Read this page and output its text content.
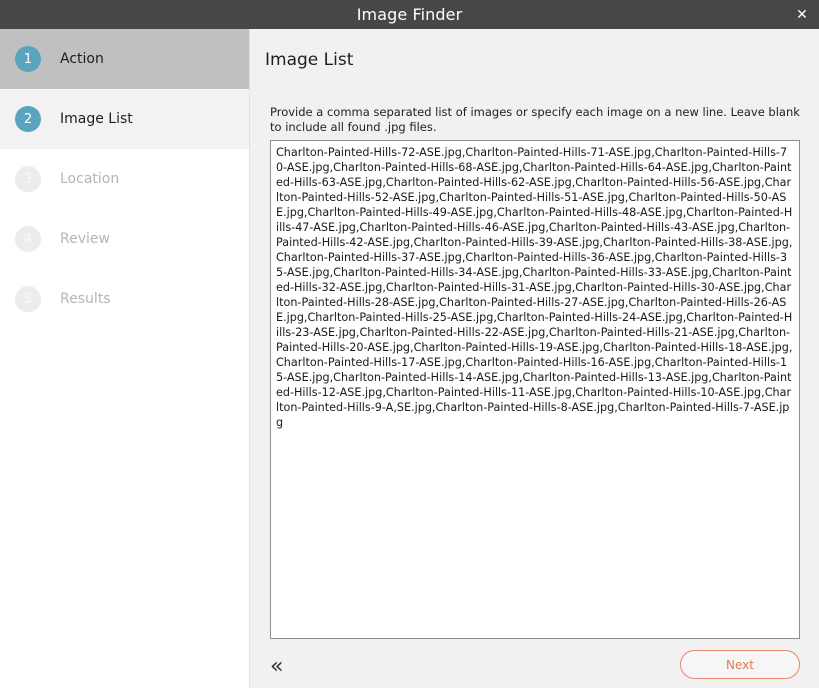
Image Finder	✕
1	Action
2	Image List
3	Location
4	Review
5	Results
Image List
Provide a comma separated list of images or specify each image on a new line. Leave blank to include all found .jpg files.
Charlton-Painted-Hills-72-ASE.jpg,Charlton-Painted-Hills-71-ASE.jpg,Charlton-Painted-Hills-70-ASE.jpg,Charlton-Painted-Hills-68-ASE.jpg,Charlton-Painted-Hills-64-ASE.jpg,Charlton-Painted-Hills-63-ASE.jpg,Charlton-Painted-Hills-62-ASE.jpg,Charlton-Painted-Hills-56-ASE.jpg,Charlton-Painted-Hills-52-ASE.jpg,Charlton-Painted-Hills-51-ASE.jpg,Charlton-Painted-Hills-50-ASE.jpg,Charlton-Painted-Hills-49-ASE.jpg,Charlton-Painted-Hills-48-ASE.jpg,Charlton-Painted-Hills-47-ASE.jpg,Charlton-Painted-Hills-46-ASE.jpg,Charlton-Painted-Hills-43-ASE.jpg,Charlton-Painted-Hills-42-ASE.jpg,Charlton-Painted-Hills-39-ASE.jpg,Charlton-Painted-Hills-38-ASE.jpg,Charlton-Painted-Hills-37-ASE.jpg,Charlton-Painted-Hills-36-ASE.jpg,Charlton-Painted-Hills-35-ASE.jpg,Charlton-Painted-Hills-34-ASE.jpg,Charlton-Painted-Hills-33-ASE.jpg,Charlton-Painted-Hills-32-ASE.jpg,Charlton-Painted-Hills-31-ASE.jpg,Charlton-Painted-Hills-30-ASE.jpg,Charlton-Painted-Hills-28-ASE.jpg,Charlton-Painted-Hills-27-ASE.jpg,Charlton-Painted-Hills-26-ASE.jpg,Charlton-Painted-Hills-25-ASE.jpg,Charlton-Painted-Hills-24-ASE.jpg,Charlton-Painted-Hills-23-ASE.jpg,Charlton-Painted-Hills-22-ASE.jpg,Charlton-Painted-Hills-21-ASE.jpg,Charlton-Painted-Hills-20-ASE.jpg,Charlton-Painted-Hills-19-ASE.jpg,Charlton-Painted-Hills-18-ASE.jpg,Charlton-Painted-Hills-17-ASE.jpg,Charlton-Painted-Hills-16-ASE.jpg,Charlton-Painted-Hills-15-ASE.jpg,Charlton-Painted-Hills-14-ASE.jpg,Charlton-Painted-Hills-13-ASE.jpg,Charlton-Painted-Hills-12-ASE.jpg,Charlton-Painted-Hills-11-ASE.jpg,Charlton-Painted-Hills-10-ASE.jpg,Charlton-Painted-Hills-9-A,SE.jpg,Charlton-Painted-Hills-8-ASE.jpg,Charlton-Painted-Hills-7-ASE.jpg
«	Next
